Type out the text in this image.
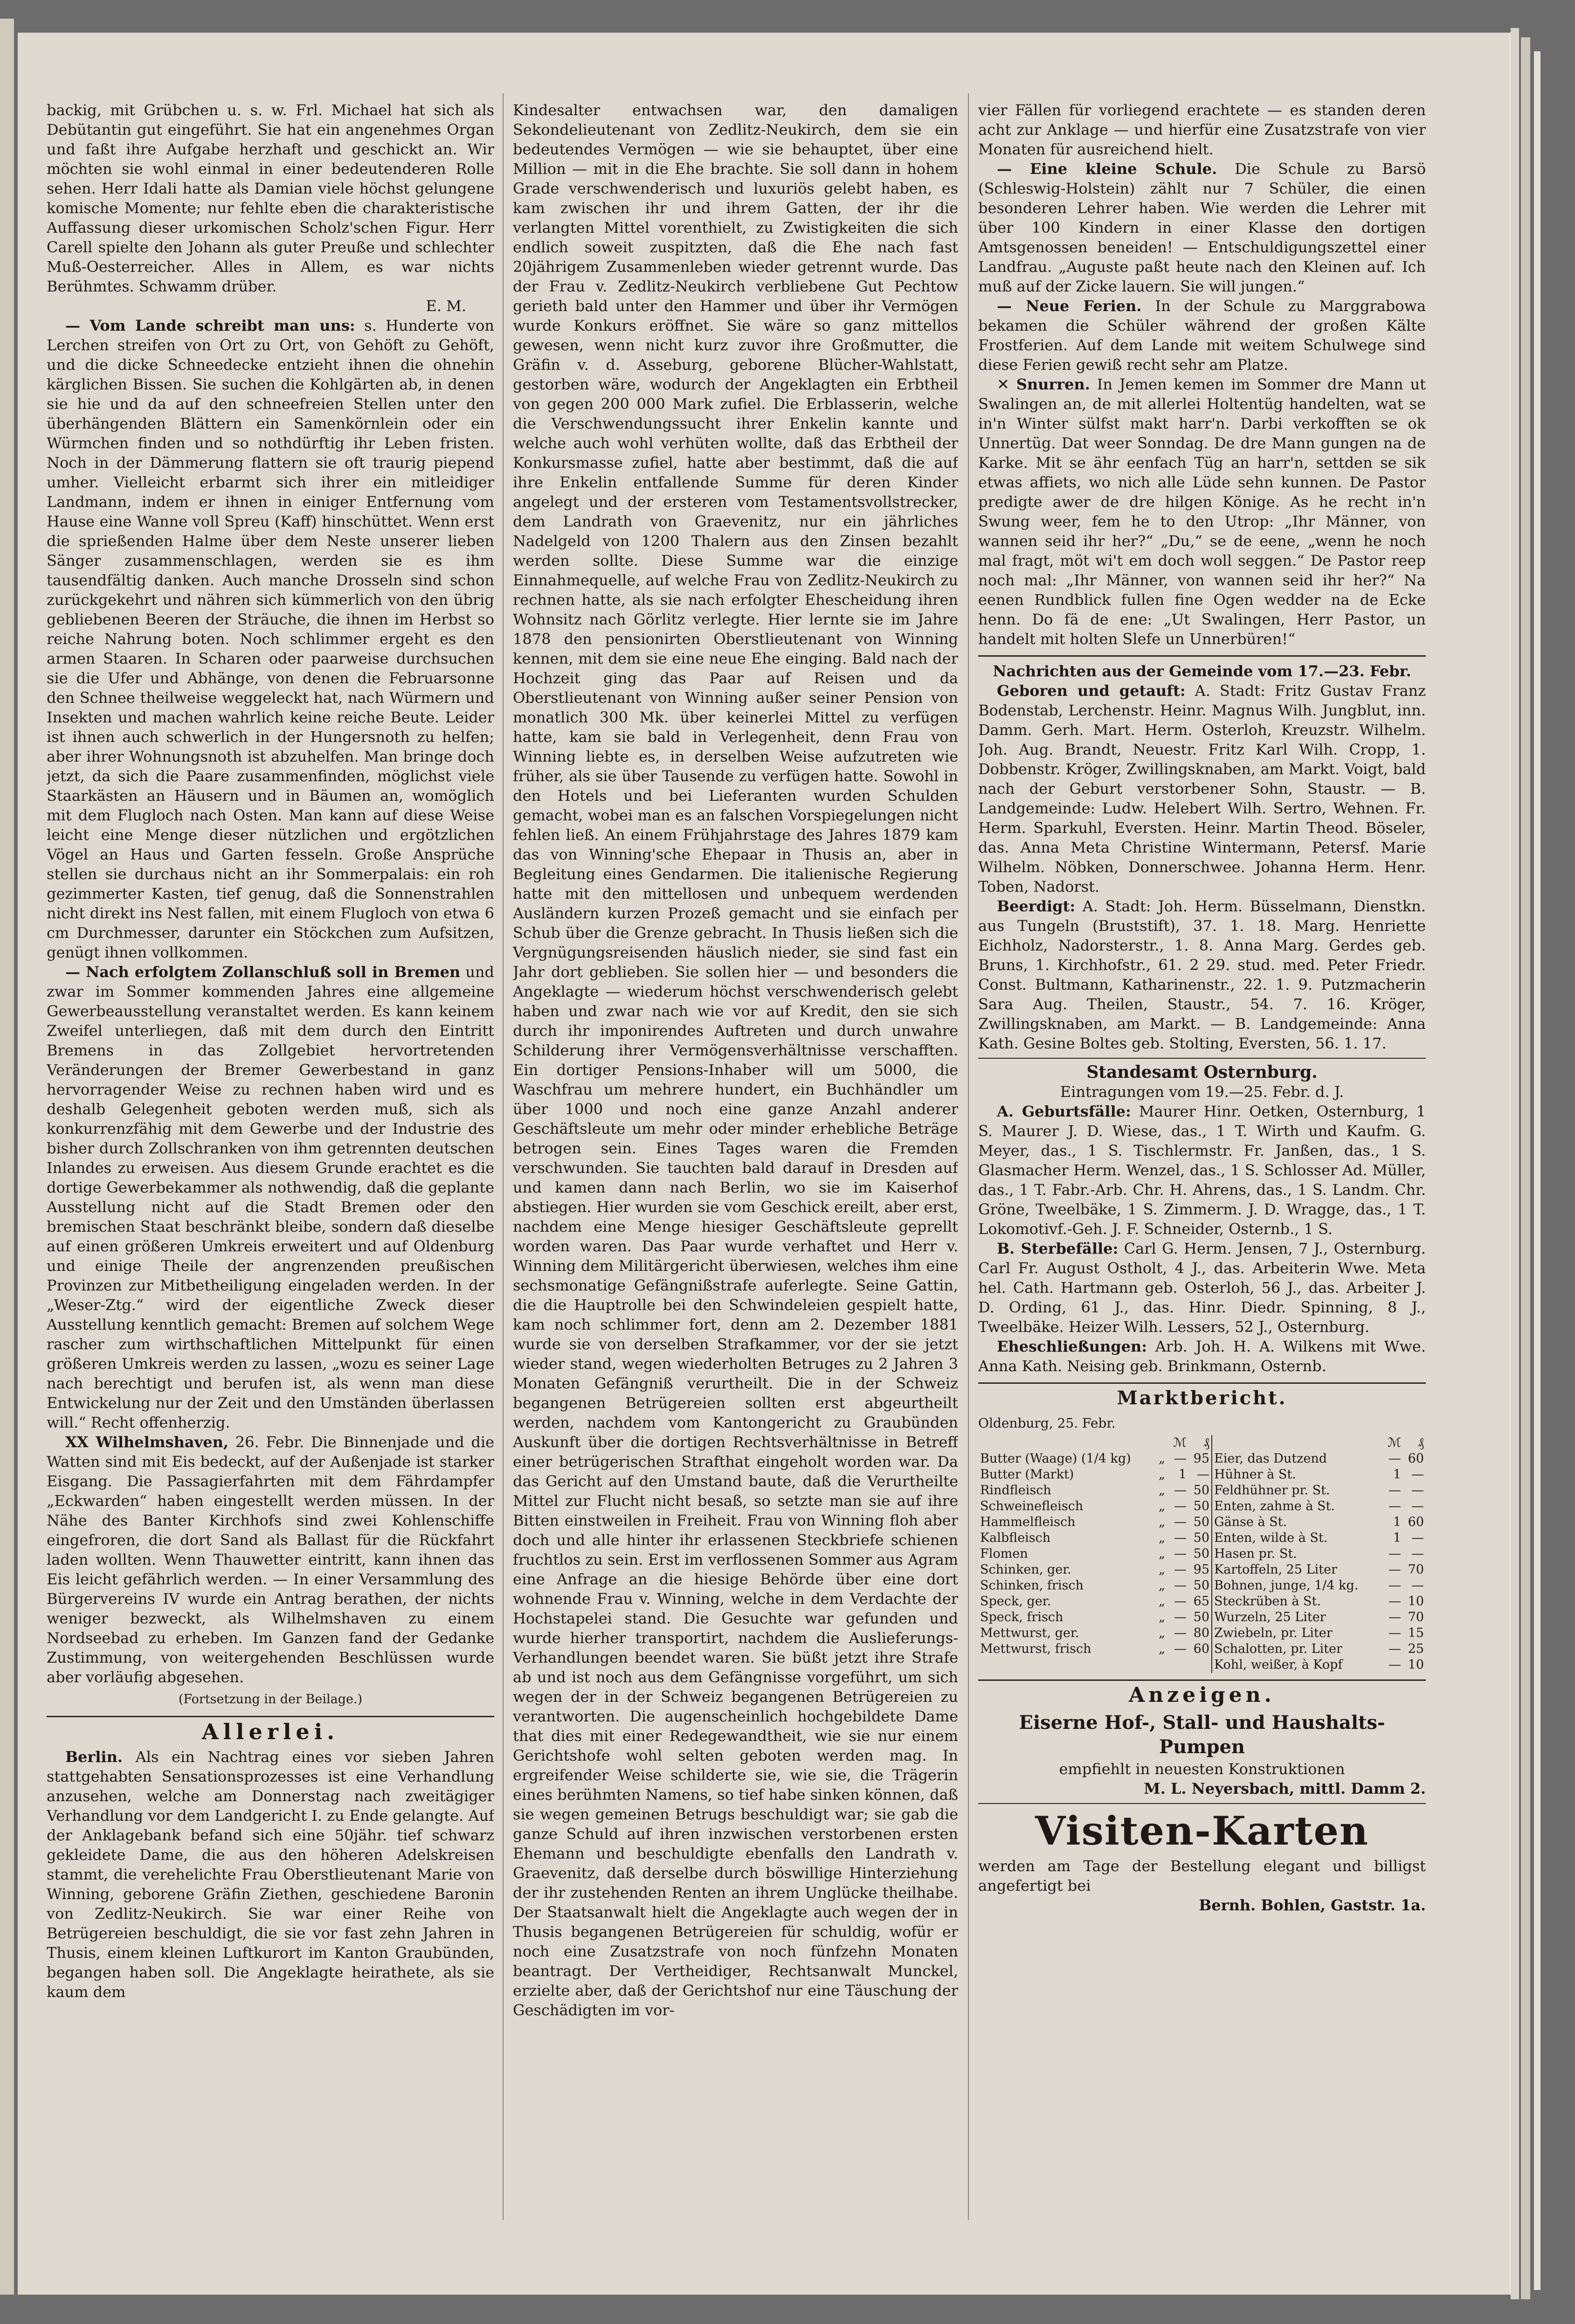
backig, mit Grübchen u. s. w. Frl. Michael hat sich als Debütantin gut eingeführt. Sie hat ein angenehmes Organ und faßt ihre Aufgabe herzhaft und geschickt an. Wir möchten sie wohl einmal in einer bedeutenderen Rolle sehen. Herr Idali hatte als Damian viele höchst gelungene komische Momente; nur fehlte eben die charakteristische Auffassung dieser urkomischen Scholz'schen Figur. Herr Carell spielte den Johann als guter Preuße und schlechter Muß-Oesterreicher. Alles in Allem, es war nichts Berühmtes. Schwamm drüber.

E. M.

— Vom Lande schreibt man uns: s. Hunderte von Lerchen streifen von Ort zu Ort, von Gehöft zu Gehöft, und die dicke Schneedecke entzieht ihnen die ohnehin kärglichen Bissen. Sie suchen die Kohlgärten ab, in denen sie hie und da auf den schneefreien Stellen unter den überhängenden Blättern ein Samenkörnlein oder ein Würmchen finden und so nothdürftig ihr Leben fristen. Noch in der Dämmerung flattern sie oft traurig piepend umher. Vielleicht erbarmt sich ihrer ein mitleidiger Landmann, indem er ihnen in einiger Entfernung vom Hause eine Wanne voll Spreu (Kaff) hinschüttet. Wenn erst die sprießenden Halme über dem Neste unserer lieben Sänger zusammenschlagen, werden sie es ihm tausendfältig danken. Auch manche Drosseln sind schon zurückgekehrt und nähren sich kümmerlich von den übrig gebliebenen Beeren der Sträuche, die ihnen im Herbst so reiche Nahrung boten. Noch schlimmer ergeht es den armen Staaren. In Scharen oder paarweise durchsuchen sie die Ufer und Abhänge, von denen die Februarsonne den Schnee theilweise weggeleckt hat, nach Würmern und Insekten und machen wahrlich keine reiche Beute. Leider ist ihnen auch schwerlich in der Hungersnoth zu helfen; aber ihrer Wohnungsnoth ist abzuhelfen. Man bringe doch jetzt, da sich die Paare zusammenfinden, möglichst viele Staarkästen an Häusern und in Bäumen an, womöglich mit dem Flugloch nach Osten. Man kann auf diese Weise leicht eine Menge dieser nützlichen und ergötzlichen Vögel an Haus und Garten fesseln. Große Ansprüche stellen sie durchaus nicht an ihr Sommerpalais: ein roh gezimmerter Kasten, tief genug, daß die Sonnenstrahlen nicht direkt ins Nest fallen, mit einem Flugloch von etwa 6 cm Durchmesser, darunter ein Stöckchen zum Aufsitzen, genügt ihnen vollkommen.

— Nach erfolgtem Zollanschluß soll in Bremen und zwar im Sommer kommenden Jahres eine allgemeine Gewerbeausstellung veranstaltet werden. Es kann keinem Zweifel unterliegen, daß mit dem durch den Eintritt Bremens in das Zollgebiet hervortretenden Veränderungen der Bremer Gewerbestand in ganz hervorragender Weise zu rechnen haben wird und es deshalb Gelegenheit geboten werden muß, sich als konkurrenzfähig mit dem Gewerbe und der Industrie des bisher durch Zollschranken von ihm getrennten deutschen Inlandes zu erweisen. Aus diesem Grunde erachtet es die dortige Gewerbekammer als nothwendig, daß die geplante Ausstellung nicht auf die Stadt Bremen oder den bremischen Staat beschränkt bleibe, sondern daß dieselbe auf einen größeren Umkreis erweitert und auf Oldenburg und einige Theile der angrenzenden preußischen Provinzen zur Mitbetheiligung eingeladen werden. In der „Weser-Ztg.“ wird der eigentliche Zweck dieser Ausstellung kenntlich gemacht: Bremen auf solchem Wege rascher zum wirthschaftlichen Mittelpunkt für einen größeren Umkreis werden zu lassen, „wozu es seiner Lage nach berechtigt und berufen ist, als wenn man diese Entwickelung nur der Zeit und den Umständen überlassen will.“ Recht offenherzig.

XX Wilhelmshaven, 26. Febr. Die Binnenjade und die Watten sind mit Eis bedeckt, auf der Außenjade ist starker Eisgang. Die Passagierfahrten mit dem Fährdampfer „Eckwarden“ haben eingestellt werden müssen. In der Nähe des Banter Kirchhofs sind zwei Kohlenschiffe eingefroren, die dort Sand als Ballast für die Rückfahrt laden wollten. Wenn Thauwetter eintritt, kann ihnen das Eis leicht gefährlich werden. — In einer Versammlung des Bürgervereins IV wurde ein Antrag berathen, der nichts weniger bezweckt, als Wilhelmshaven zu einem Nordseebad zu erheben. Im Ganzen fand der Gedanke Zustimmung, von weitergehenden Beschlüssen wurde aber vorläufig abgesehen.

(Fortsetzung in der Beilage.)
Allerlei.

Berlin. Als ein Nachtrag eines vor sieben Jahren stattgehabten Sensationsprozesses ist eine Verhandlung anzusehen, welche am Donnerstag nach zweitägiger Verhandlung vor dem Landgericht I. zu Ende gelangte. Auf der Anklagebank befand sich eine 50jähr. tief schwarz gekleidete Dame, die aus den höheren Adelskreisen stammt, die verehelichte Frau Oberstlieutenant Marie von Winning, geborene Gräfin Ziethen, geschiedene Baronin von Zedlitz-Neukirch. Sie war einer Reihe von Betrügereien beschuldigt, die sie vor fast zehn Jahren in Thusis, einem kleinen Luftkurort im Kanton Graubünden, begangen haben soll. Die Angeklagte heirathete, als sie kaum dem

Kindesalter entwachsen war, den damaligen Sekondelieutenant von Zedlitz-Neukirch, dem sie ein bedeutendes Vermögen — wie sie behauptet, über eine Million — mit in die Ehe brachte. Sie soll dann in hohem Grade verschwenderisch und luxuriös gelebt haben, es kam zwischen ihr und ihrem Gatten, der ihr die verlangten Mittel vorenthielt, zu Zwistigkeiten die sich endlich soweit zuspitzten, daß die Ehe nach fast 20jährigem Zusammenleben wieder getrennt wurde. Das der Frau v. Zedlitz-Neukirch verbliebene Gut Pechtow gerieth bald unter den Hammer und über ihr Vermögen wurde Konkurs eröffnet. Sie wäre so ganz mittellos gewesen, wenn nicht kurz zuvor ihre Großmutter, die Gräfin v. d. Asseburg, geborene Blücher-Wahlstatt, gestorben wäre, wodurch der Angeklagten ein Erbtheil von gegen 200 000 Mark zufiel. Die Erblasserin, welche die Verschwendungssucht ihrer Enkelin kannte und welche auch wohl verhüten wollte, daß das Erbtheil der Konkursmasse zufiel, hatte aber bestimmt, daß die auf ihre Enkelin entfallende Summe für deren Kinder angelegt und der ersteren vom Testamentsvollstrecker, dem Landrath von Graevenitz, nur ein jährliches Nadelgeld von 1200 Thalern aus den Zinsen bezahlt werden sollte. Diese Summe war die einzige Einnahmequelle, auf welche Frau von Zedlitz-Neukirch zu rechnen hatte, als sie nach erfolgter Ehescheidung ihren Wohnsitz nach Görlitz verlegte. Hier lernte sie im Jahre 1878 den pensionirten Oberstlieutenant von Winning kennen, mit dem sie eine neue Ehe einging. Bald nach der Hochzeit ging das Paar auf Reisen und da Oberstlieutenant von Winning außer seiner Pension von monatlich 300 Mk. über keinerlei Mittel zu verfügen hatte, kam sie bald in Verlegenheit, denn Frau von Winning liebte es, in derselben Weise aufzutreten wie früher, als sie über Tausende zu verfügen hatte. Sowohl in den Hotels und bei Lieferanten wurden Schulden gemacht, wobei man es an falschen Vorspiegelungen nicht fehlen ließ. An einem Frühjahrstage des Jahres 1879 kam das von Winning'sche Ehepaar in Thusis an, aber in Begleitung eines Gendarmen. Die italienische Regierung hatte mit den mittellosen und unbequem werdenden Ausländern kurzen Prozeß gemacht und sie einfach per Schub über die Grenze gebracht. In Thusis ließen sich die Vergnügungsreisenden häuslich nieder, sie sind fast ein Jahr dort geblieben. Sie sollen hier — und besonders die Angeklagte — wiederum höchst verschwenderisch gelebt haben und zwar nach wie vor auf Kredit, den sie sich durch ihr imponirendes Auftreten und durch unwahre Schilderung ihrer Vermögensverhältnisse verschafften. Ein dortiger Pensions-Inhaber will um 5000, die Waschfrau um mehrere hundert, ein Buchhändler um über 1000 und noch eine ganze Anzahl anderer Geschäftsleute um mehr oder minder erhebliche Beträge betrogen sein. Eines Tages waren die Fremden verschwunden. Sie tauchten bald darauf in Dresden auf und kamen dann nach Berlin, wo sie im Kaiserhof abstiegen. Hier wurden sie vom Geschick ereilt, aber erst, nachdem eine Menge hiesiger Geschäftsleute geprellt worden waren. Das Paar wurde verhaftet und Herr v. Winning dem Militärgericht überwiesen, welches ihm eine sechsmonatige Gefängnißstrafe auferlegte. Seine Gattin, die die Hauptrolle bei den Schwindeleien gespielt hatte, kam noch schlimmer fort, denn am 2. Dezember 1881 wurde sie von derselben Strafkammer, vor der sie jetzt wieder stand, wegen wiederholten Betruges zu 2 Jahren 3 Monaten Gefängniß verurtheilt. Die in der Schweiz begangenen Betrügereien sollten erst abgeurtheilt werden, nachdem vom Kantongericht zu Graubünden Auskunft über die dortigen Rechtsverhältnisse in Betreff einer betrügerischen Strafthat eingeholt worden war. Da das Gericht auf den Umstand baute, daß die Verurtheilte Mittel zur Flucht nicht besaß, so setzte man sie auf ihre Bitten einstweilen in Freiheit. Frau von Winning floh aber doch und alle hinter ihr erlassenen Steckbriefe schienen fruchtlos zu sein. Erst im verflossenen Sommer aus Agram eine Anfrage an die hiesige Behörde über eine dort wohnende Frau v. Winning, welche in dem Verdachte der Hochstapelei stand. Die Gesuchte war gefunden und wurde hierher transportirt, nachdem die Auslieferungs-Verhandlungen beendet waren. Sie büßt jetzt ihre Strafe ab und ist noch aus dem Gefängnisse vorgeführt, um sich wegen der in der Schweiz begangenen Betrügereien zu verantworten. Die augenscheinlich hochgebildete Dame that dies mit einer Redegewandtheit, wie sie nur einem Gerichtshofe wohl selten geboten werden mag. In ergreifender Weise schilderte sie, wie sie, die Trägerin eines berühmten Namens, so tief habe sinken können, daß sie wegen gemeinen Betrugs beschuldigt war; sie gab die ganze Schuld auf ihren inzwischen verstorbenen ersten Ehemann und beschuldigte ebenfalls den Landrath v. Graevenitz, daß derselbe durch böswillige Hinterziehung der ihr zustehenden Renten an ihrem Unglücke theilhabe. Der Staatsanwalt hielt die Angeklagte auch wegen der in Thusis begangenen Betrügereien für schuldig, wofür er noch eine Zusatzstrafe von noch fünfzehn Monaten beantragt. Der Vertheidiger, Rechtsanwalt Munckel, erzielte aber, daß der Gerichtshof nur eine Täuschung der Geschädigten im vor-

vier Fällen für vorliegend erachtete — es standen deren acht zur Anklage — und hierfür eine Zusatzstrafe von vier Monaten für ausreichend hielt.

— Eine kleine Schule. Die Schule zu Barsö (Schleswig-Holstein) zählt nur 7 Schüler, die einen besonderen Lehrer haben. Wie werden die Lehrer mit über 100 Kindern in einer Klasse den dortigen Amtsgenossen beneiden! — Entschuldigungszettel einer Landfrau. „Auguste paßt heute nach den Kleinen auf. Ich muß auf der Zicke lauern. Sie will jungen.“

— Neue Ferien. In der Schule zu Marggrabowa bekamen die Schüler während der großen Kälte Frostferien. Auf dem Lande mit weitem Schulwege sind diese Ferien gewiß recht sehr am Platze.

✕ Snurren. In Jemen kemen im Sommer dre Mann ut Swalingen an, de mit allerlei Holtentüg handelten, wat se in'n Winter sülfst makt harr'n. Darbi verkofften se ok Unnertüg. Dat weer Sonndag. De dre Mann gungen na de Karke. Mit se ähr eenfach Tüg an harr'n, settden se sik etwas affiets, wo nich alle Lüde sehn kunnen. De Pastor predigte awer de dre hilgen Könige. As he recht in'n Swung weer, fem he to den Utrop: „Ihr Männer, von wannen seid ihr her?“ „Du,“ se de eene, „wenn he noch mal fragt, möt wi't em doch woll seggen.“ De Pastor reep noch mal: „Ihr Männer, von wannen seid ihr her?“ Na eenen Rundblick fullen fine Ogen wedder na de Ecke henn. Do fä de ene: „Ut Swalingen, Herr Pastor, un handelt mit holten Slefe un Unnerbüren!“

Nachrichten aus der Gemeinde vom 17.—23. Febr.

Geboren und getauft: A. Stadt: Fritz Gustav Franz Bodenstab, Lerchenstr. Heinr. Magnus Wilh. Jungblut, inn. Damm. Gerh. Mart. Herm. Osterloh, Kreuzstr. Wilhelm. Joh. Aug. Brandt, Neuestr. Fritz Karl Wilh. Cropp, 1. Dobbenstr. Kröger, Zwillingsknaben, am Markt. Voigt, bald nach der Geburt verstorbener Sohn, Staustr. — B. Landgemeinde: Ludw. Helebert Wilh. Sertro, Wehnen. Fr. Herm. Sparkuhl, Eversten. Heinr. Martin Theod. Böseler, das. Anna Meta Christine Wintermann, Petersf. Marie Wilhelm. Nöbken, Donnerschwee. Johanna Herm. Henr. Toben, Nadorst.

Beerdigt: A. Stadt: Joh. Herm. Büsselmann, Dienstkn. aus Tungeln (Bruststift), 37. 1. 18. Marg. Henriette Eichholz, Nadorsterstr., 1. 8. Anna Marg. Gerdes geb. Bruns, 1. Kirchhofstr., 61. 2 29. stud. med. Peter Friedr. Const. Bultmann, Katharinenstr., 22. 1. 9. Putzmacherin Sara Aug. Theilen, Staustr., 54. 7. 16. Kröger, Zwillingsknaben, am Markt. — B. Landgemeinde: Anna Kath. Gesine Boltes geb. Stolting, Eversten, 56. 1. 17.

Standesamt Osternburg.
Eintragungen vom 19.—25. Febr. d. J.

A. Geburtsfälle: Maurer Hinr. Oetken, Osternburg, 1 S. Maurer J. D. Wiese, das., 1 T. Wirth und Kaufm. G. Meyer, das., 1 S. Tischlermstr. Fr. Janßen, das., 1 S. Glasmacher Herm. Wenzel, das., 1 S. Schlosser Ad. Müller, das., 1 T. Fabr.-Arb. Chr. H. Ahrens, das., 1 S. Landm. Chr. Gröne, Tweelbäke, 1 S. Zimmerm. J. D. Wragge, das., 1 T. Lokomotivf.-Geh. J. F. Schneider, Osternb., 1 S.

B. Sterbefälle: Carl G. Herm. Jensen, 7 J., Osternburg. Carl Fr. August Ostholt, 4 J., das. Arbeiterin Wwe. Meta hel. Cath. Hartmann geb. Osterloh, 56 J., das. Arbeiter J. D. Ording, 61 J., das. Hinr. Diedr. Spinning, 8 J., Tweelbäke. Heizer Wilh. Lessers, 52 J., Osternburg.

Eheschließungen: Arb. Joh. H. A. Wilkens mit Wwe. Anna Kath. Neising geb. Brinkmann, Osternb.

Marktbericht.
Oldenburg, 25. Febr.
		ℳ	₰		ℳ	₰
Butter (Waage) (1/4 kg)	„	—	95	Eier, das Dutzend	—	60
Butter (Markt)	„	1	—	Hühner à St.	1	—
Rindfleisch	„	—	50	Feldhühner pr. St.	—	—
Schweinefleisch	„	—	50	Enten, zahme à St.	—	—
Hammelfleisch	„	—	50	Gänse à St.	1	60
Kalbfleisch	„	—	50	Enten, wilde à St.	1	—
Flomen	„	—	50	Hasen pr. St.	—	—
Schinken, ger.	„	—	95	Kartoffeln, 25 Liter	—	70
Schinken, frisch	„	—	50	Bohnen, junge, 1/4 kg.	—	—
Speck, ger.	„	—	65	Steckrüben à St.	—	10
Speck, frisch	„	—	50	Wurzeln, 25 Liter	—	70
Mettwurst, ger.	„	—	80	Zwiebeln, pr. Liter	—	15
Mettwurst, frisch	„	—	60	Schalotten, pr. Liter	—	25
				Kohl, weißer, à Kopf	—	10
Anzeigen.
Eiserne Hof-, Stall- und Haushalts-Pumpen
empfiehlt in neuesten Konstruktionen
M. L. Neyersbach, mittl. Damm 2.
Visiten-Karten
werden am Tage der Bestellung elegant und billigst angefertigt bei
Bernh. Bohlen, Gaststr. 1a.
